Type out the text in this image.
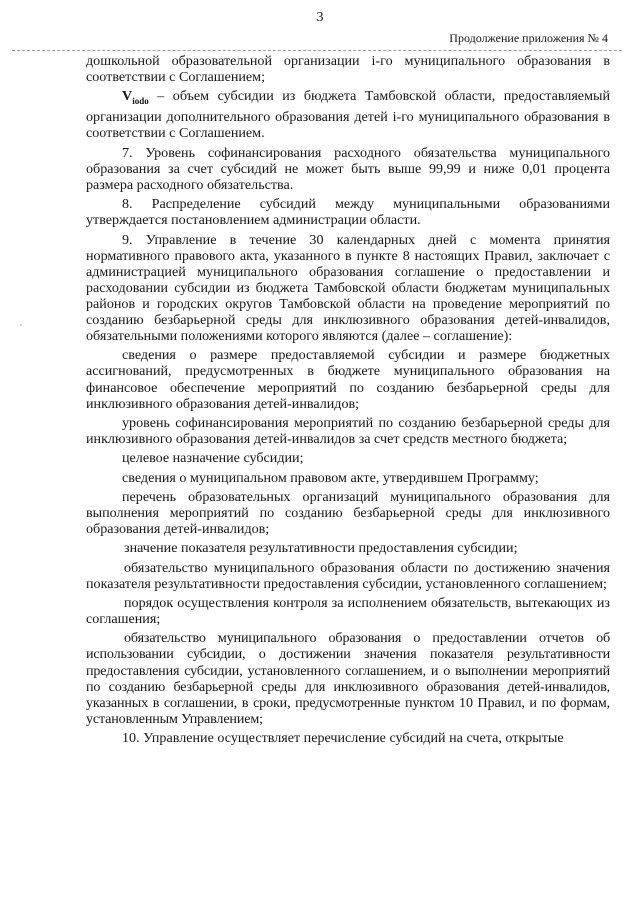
3
Продолжение приложения № 4
'

дошкольной образовательной организации i-го муниципального образования в соответствии с Соглашением;

$V_{iodo}$ – объем субсидии из бюджета Тамбовской области, предоставляемый организации дополнительного образования детей i-го муниципального образования в соответствии с Соглашением.

7. Уровень софинансирования расходного обязательства муниципального образования за счет субсидий не может быть выше 99,99 и ниже 0,01 процента размера расходного обязательства.

8. Распределение субсидий между муниципальными образованиями утверждается постановлением администрации области.

9. Управление в течение 30 календарных дней с момента принятия нормативного правового акта, указанного в пункте 8 настоящих Правил, заключает с администрацией муниципального образования соглашение о предоставлении и расходовании субсидии из бюджета Тамбовской области бюджетам муниципальных районов и городских округов Тамбовской области на проведение мероприятий по созданию безбарьерной среды для инклюзивного образования детей-инвалидов, обязательными положениями которого являются (далее – соглашение):

сведения о размере предоставляемой субсидии и размере бюджетных ассигнований, предусмотренных в бюджете муниципального образования на финансовое обеспечение мероприятий по созданию безбарьерной среды для инклюзивного образования детей-инвалидов;

уровень софинансирования мероприятий по созданию безбарьерной среды для инклюзивного образования детей-инвалидов за счет средств местного бюджета;

целевое назначение субсидии;

сведения о муниципальном правовом акте, утвердившем Программу;

перечень образовательных организаций муниципального образования для выполнения мероприятий по созданию безбарьерной среды для инклюзивного образования детей-инвалидов;

значение показателя результативности предоставления субсидии;

обязательство муниципального образования области по достижению значения показателя результативности предоставления субсидии, установленного соглашением;

порядок осуществления контроля за исполнением обязательств, вытекающих из соглашения;

обязательство муниципального образования о предоставлении отчетов об использовании субсидии, о достижении значения показателя результативности предоставления субсидии, установленного соглашением, и о выполнении мероприятий по созданию безбарьерной среды для инклюзивного образования детей-инвалидов, указанных в соглашении, в сроки, предусмотренные пунктом 10 Правил, и по формам, установленным Управлением;

10. Управление осуществляет перечисление субсидий на счета, открытые
